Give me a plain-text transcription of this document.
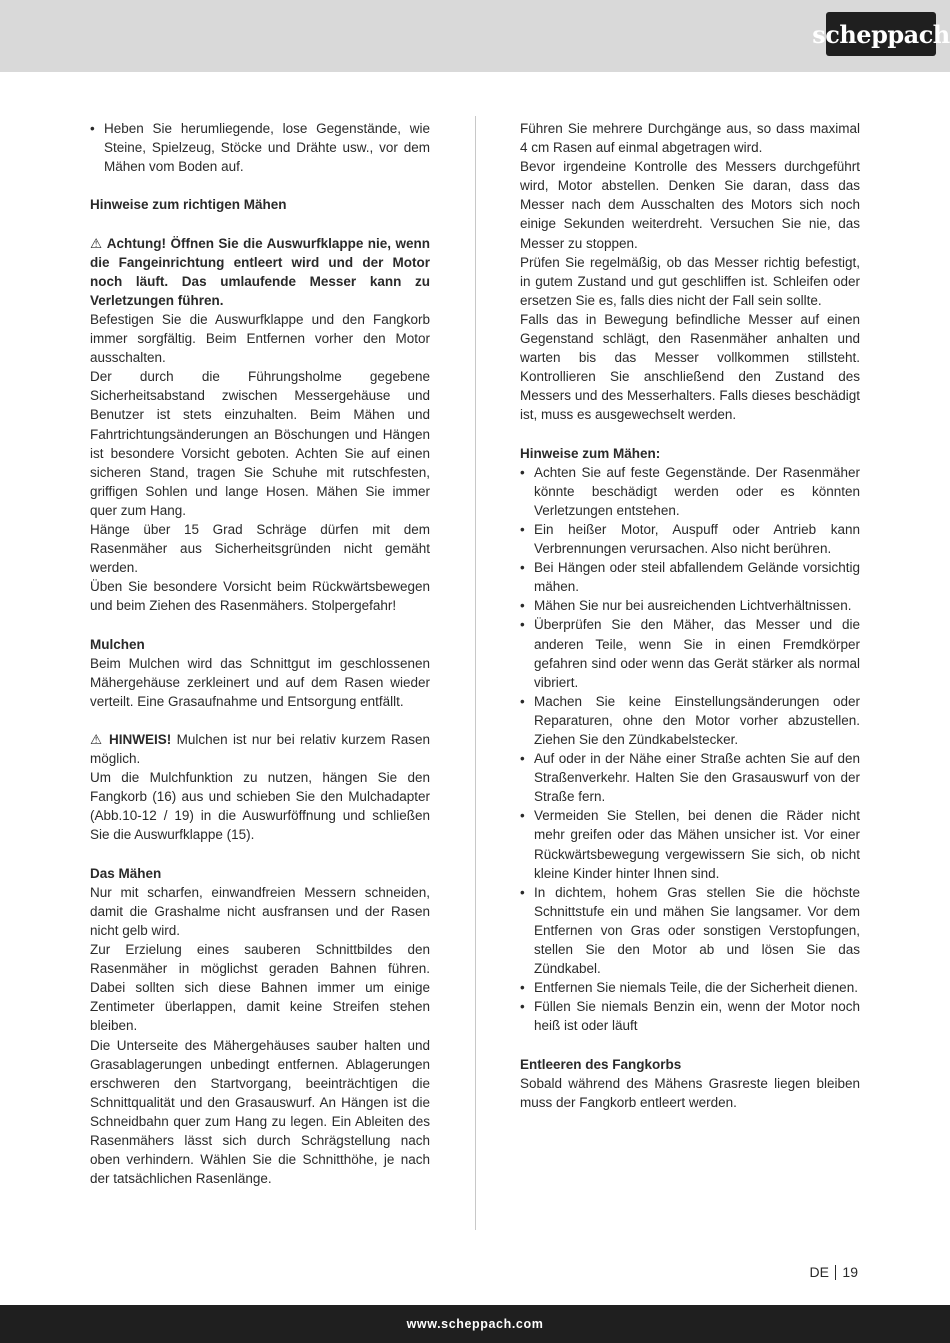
scheppach
• Heben Sie herumliegende, lose Gegenstände, wie Steine, Spielzeug, Stöcke und Drähte usw., vor dem Mähen vom Boden auf.

Hinweise zum richtigen Mähen

⚠ Achtung! Öffnen Sie die Auswurfklappe nie, wenn die Fangeinrichtung entleert wird und der Motor noch läuft. Das umlaufende Messer kann zu Verletzungen führen.

Befestigen Sie die Auswurfklappe und den Fangkorb immer sorgfältig. Beim Entfernen vorher den Motor ausschalten.

Der durch die Führungsholme gegebene Sicherheitsabstand zwischen Messergehäuse und Benutzer ist stets einzuhalten. Beim Mähen und Fahrtrichtungsänderungen an Böschungen und Hängen ist besondere Vorsicht geboten. Achten Sie auf einen sicheren Stand, tragen Sie Schuhe mit rutschfesten, griffigen Sohlen und lange Hosen. Mähen Sie immer quer zum Hang.

Hänge über 15 Grad Schräge dürfen mit dem Rasenmäher aus Sicherheitsgründen nicht gemäht werden.

Üben Sie besondere Vorsicht beim Rückwärtsbewegen und beim Ziehen des Rasenmähers. Stolpergefahr!

Mulchen

Beim Mulchen wird das Schnittgut im geschlossenen Mähergehäuse zerkleinert und auf dem Rasen wieder verteilt. Eine Grasaufnahme und Entsorgung entfällt.

⚠ HINWEIS! Mulchen ist nur bei relativ kurzem Rasen möglich.

Um die Mulchfunktion zu nutzen, hängen Sie den Fangkorb (16) aus und schieben Sie den Mulchadapter (Abb.10-12 / 19) in die Auswurföffnung und schließen Sie die Auswurfklappe (15).

Das Mähen

Nur mit scharfen, einwandfreien Messern schneiden, damit die Grashalme nicht ausfransen und der Rasen nicht gelb wird.

Zur Erzielung eines sauberen Schnittbildes den Rasenmäher in möglichst geraden Bahnen führen. Dabei sollten sich diese Bahnen immer um einige Zentimeter überlappen, damit keine Streifen stehen bleiben.

Die Unterseite des Mähergehäuses sauber halten und Grasablagerungen unbedingt entfernen. Ablagerungen erschweren den Startvorgang, beeinträchtigen die Schnittqualität und den Grasauswurf. An Hängen ist die Schneidbahn quer zum Hang zu legen. Ein Ableiten des Rasenmähers lässt sich durch Schrägstellung nach oben verhindern. Wählen Sie die Schnitthöhe, je nach der tatsächlichen Rasenlänge.

Führen Sie mehrere Durchgänge aus, so dass maximal 4 cm Rasen auf einmal abgetragen wird.

Bevor irgendeine Kontrolle des Messers durchgeführt wird, Motor abstellen. Denken Sie daran, dass das Messer nach dem Ausschalten des Motors sich noch einige Sekunden weiterdreht. Versuchen Sie nie, das Messer zu stoppen.

Prüfen Sie regelmäßig, ob das Messer richtig befestigt, in gutem Zustand und gut geschliffen ist. Schleifen oder ersetzen Sie es, falls dies nicht der Fall sein sollte.

Falls das in Bewegung befindliche Messer auf einen Gegenstand schlägt, den Rasenmäher anhalten und warten bis das Messer vollkommen stillsteht. Kontrollieren Sie anschließend den Zustand des Messers und des Messerhalters. Falls dieses beschädigt ist, muss es ausgewechselt werden.

Hinweise zum Mähen:

• Achten Sie auf feste Gegenstände. Der Rasenmäher könnte beschädigt werden oder es könnten Verletzungen entstehen.
• Ein heißer Motor, Auspuff oder Antrieb kann Verbrennungen verursachen. Also nicht berühren.
• Bei Hängen oder steil abfallendem Gelände vorsichtig mähen.
• Mähen Sie nur bei ausreichenden Lichtverhältnissen.
• Überprüfen Sie den Mäher, das Messer und die anderen Teile, wenn Sie in einen Fremdkörper gefahren sind oder wenn das Gerät stärker als normal vibriert.
• Machen Sie keine Einstellungsänderungen oder Reparaturen, ohne den Motor vorher abzustellen. Ziehen Sie den Zündkabelstecker.
• Auf oder in der Nähe einer Straße achten Sie auf den Straßenverkehr. Halten Sie den Grasauswurf von der Straße fern.
• Vermeiden Sie Stellen, bei denen die Räder nicht mehr greifen oder das Mähen unsicher ist. Vor einer Rückwärtsbewegung vergewissern Sie sich, ob nicht kleine Kinder hinter Ihnen sind.
• In dichtem, hohem Gras stellen Sie die höchste Schnittstufe ein und mähen Sie langsamer. Vor dem Entfernen von Gras oder sonstigen Verstopfungen, stellen Sie den Motor ab und lösen Sie das Zündkabel.
• Entfernen Sie niemals Teile, die der Sicherheit dienen.
• Füllen Sie niemals Benzin ein, wenn der Motor noch heiß ist oder läuft

Entleeren des Fangkorbs

Sobald während des Mähens Grasreste liegen bleiben muss der Fangkorb entleert werden.

DE 19
www.scheppach.com
